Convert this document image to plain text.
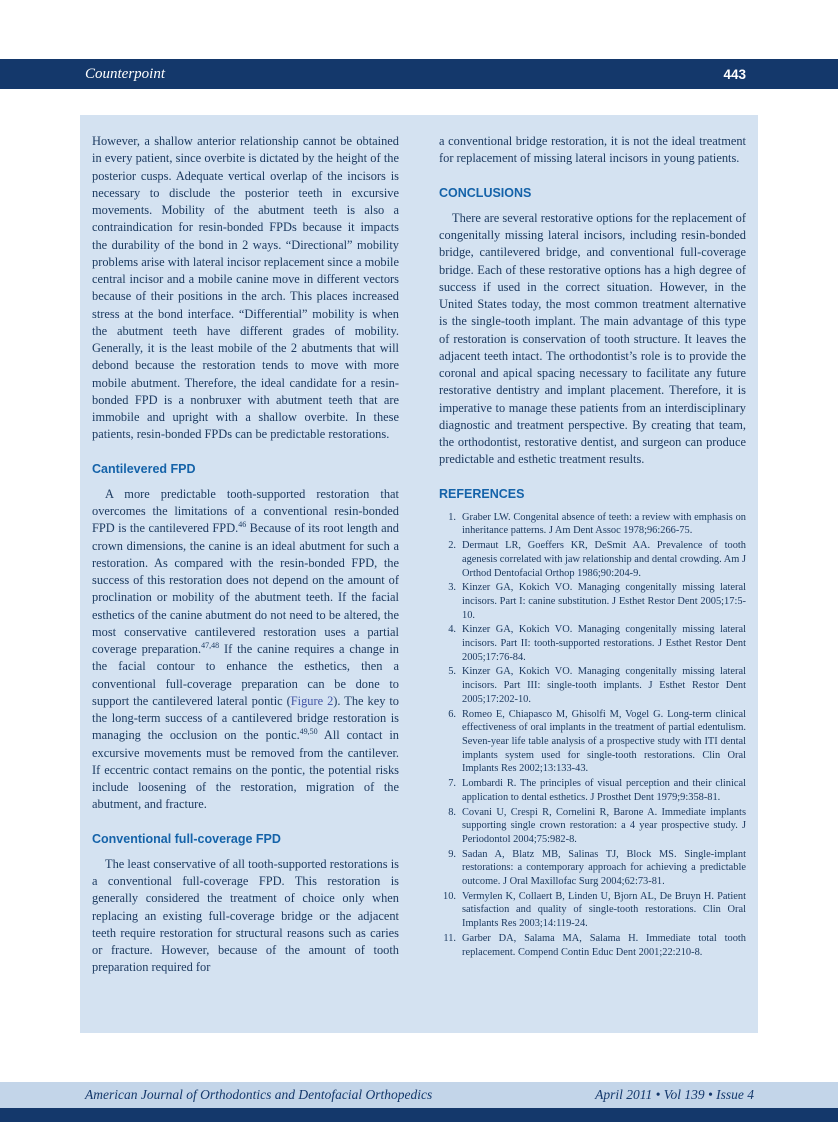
Counterpoint	443

However, a shallow anterior relationship cannot be obtained in every patient, since overbite is dictated by the height of the posterior cusps. Adequate vertical overlap of the incisors is necessary to disclude the posterior teeth in excursive movements. Mobility of the abutment teeth is also a contraindication for resin-bonded FPDs because it impacts the durability of the bond in 2 ways. “Directional” mobility problems arise with lateral incisor replacement since a mobile central incisor and a mobile canine move in different vectors because of their positions in the arch. This places increased stress at the bond interface. “Differential” mobility is when the abutment teeth have different grades of mobility. Generally, it is the least mobile of the 2 abutments that will debond because the restoration tends to move with more mobile abutment. Therefore, the ideal candidate for a resin-bonded FPD is a nonbruxer with abutment teeth that are immobile and upright with a shallow overbite. In these patients, resin-bonded FPDs can be predictable restorations.

Cantilevered FPD

A more predictable tooth-supported restoration that overcomes the limitations of a conventional resin-bonded FPD is the cantilevered FPD.$^{46}$ Because of its root length and crown dimensions, the canine is an ideal abutment for such a restoration. As compared with the resin-bonded FPD, the success of this restoration does not depend on the amount of proclination or mobility of the abutment teeth. If the facial esthetics of the canine abutment do not need to be altered, the most conservative cantilevered restoration uses a partial coverage preparation.$^{47,48}$ If the canine requires a change in the facial contour to enhance the esthetics, then a conventional full-coverage preparation can be done to support the cantilevered lateral pontic (Figure 2). The key to the long-term success of a cantilevered bridge restoration is managing the occlusion on the pontic.$^{49,50}$ All contact in excursive movements must be removed from the cantilever. If eccentric contact remains on the pontic, the potential risks include loosening of the restoration, migration of the abutment, and fracture.

Conventional full-coverage FPD

The least conservative of all tooth-supported restorations is a conventional full-coverage FPD. This restoration is generally considered the treatment of choice only when replacing an existing full-coverage bridge or the adjacent teeth require restoration for structural reasons such as caries or fracture. However, because of the amount of tooth preparation required for

a conventional bridge restoration, it is not the ideal treatment for replacement of missing lateral incisors in young patients.

CONCLUSIONS

There are several restorative options for the replacement of congenitally missing lateral incisors, including resin-bonded bridge, cantilevered bridge, and conventional full-coverage bridge. Each of these restorative options has a high degree of success if used in the correct situation. However, in the United States today, the most common treatment alternative is the single-tooth implant. The main advantage of this type of restoration is conservation of tooth structure. It leaves the adjacent teeth intact. The orthodontist’s role is to provide the coronal and apical spacing necessary to facilitate any future restorative dentistry and implant placement. Therefore, it is imperative to manage these patients from an interdisciplinary diagnostic and treatment perspective. By creating that team, the orthodontist, restorative dentist, and surgeon can produce predictable and esthetic treatment results.

REFERENCES
1. Graber LW. Congenital absence of teeth: a review with emphasis on inheritance patterns. J Am Dent Assoc 1978;96:266-75.
2. Dermaut LR, Goeffers KR, DeSmit AA. Prevalence of tooth agenesis correlated with jaw relationship and dental crowding. Am J Orthod Dentofacial Orthop 1986;90:204-9.
3. Kinzer GA, Kokich VO. Managing congenitally missing lateral incisors. Part I: canine substitution. J Esthet Restor Dent 2005;17:5-10.
4. Kinzer GA, Kokich VO. Managing congenitally missing lateral incisors. Part II: tooth-supported restorations. J Esthet Restor Dent 2005;17:76-84.
5. Kinzer GA, Kokich VO. Managing congenitally missing lateral incisors. Part III: single-tooth implants. J Esthet Restor Dent 2005;17:202-10.
6. Romeo E, Chiapasco M, Ghisolfi M, Vogel G. Long-term clinical effectiveness of oral implants in the treatment of partial edentulism. Seven-year life table analysis of a prospective study with ITI dental implants system used for single-tooth restorations. Clin Oral Implants Res 2002;13:133-43.
7. Lombardi R. The principles of visual perception and their clinical application to dental esthetics. J Prosthet Dent 1979;9:358-81.
8. Covani U, Crespi R, Cornelini R, Barone A. Immediate implants supporting single crown restoration: a 4 year prospective study. J Periodontol 2004;75:982-8.
9. Sadan A, Blatz MB, Salinas TJ, Block MS. Single-implant restorations: a contemporary approach for achieving a predictable outcome. J Oral Maxillofac Surg 2004;62:73-81.
10. Vermylen K, Collaert B, Linden U, Bjorn AL, De Bruyn H. Patient satisfaction and quality of single-tooth restorations. Clin Oral Implants Res 2003;14:119-24.
11. Garber DA, Salama MA, Salama H. Immediate total tooth replacement. Compend Contin Educ Dent 2001;22:210-8.
American Journal of Orthodontics and Dentofacial Orthopedics	April 2011 • Vol 139 • Issue 4
